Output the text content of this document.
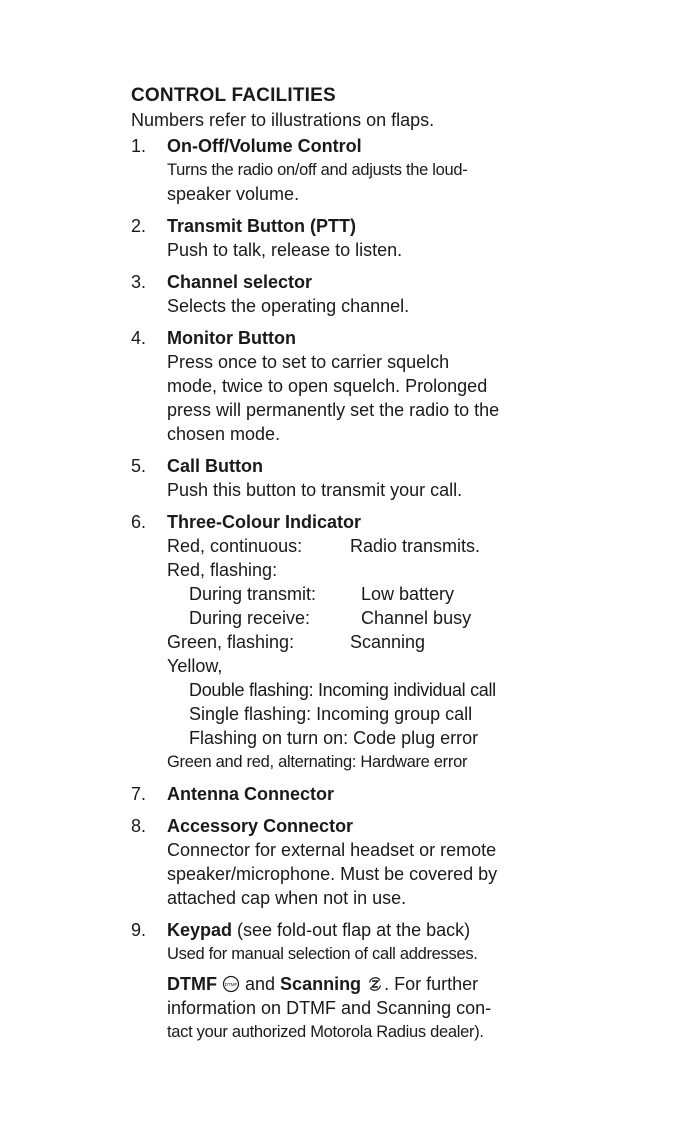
CONTROL FACILITIES

Numbers refer to illustrations on flaps.

1.	On-Off/Volume Control
Turns the radio on/off and adjusts the loud-
speaker volume.
2.	Transmit Button (PTT)
Push to talk, release to listen.
3.	Channel selector
Selects the operating channel.
4.	Monitor Button
Press once to set to carrier squelch
mode, twice to open squelch. Prolonged
press will permanently set the radio to the
chosen mode.
5.	Call Button
Push this button to transmit your call.
6.	Three-Colour Indicator
Red, continuous:	Radio transmits.
Red, flashing:
During transmit: Low battery
During receive:	Channel busy
Green, flashing:	Scanning
Yellow,
Double flashing: Incoming individual call
Single flashing: Incoming group call
Flashing on turn on: Code plug error
Green and red, alternating: Hardware error
7.	Antenna Connector
8.	Accessory Connector
Connector for external headset or remote
speaker/microphone. Must be covered by
attached cap when not in use.
9.	Keypad (see fold-out flap at the back)
Used for manual selection of call addresses.
DTMF DTMF and Scanning . For further
information on DTMF and Scanning con-
tact your authorized Motorola Radius dealer).
